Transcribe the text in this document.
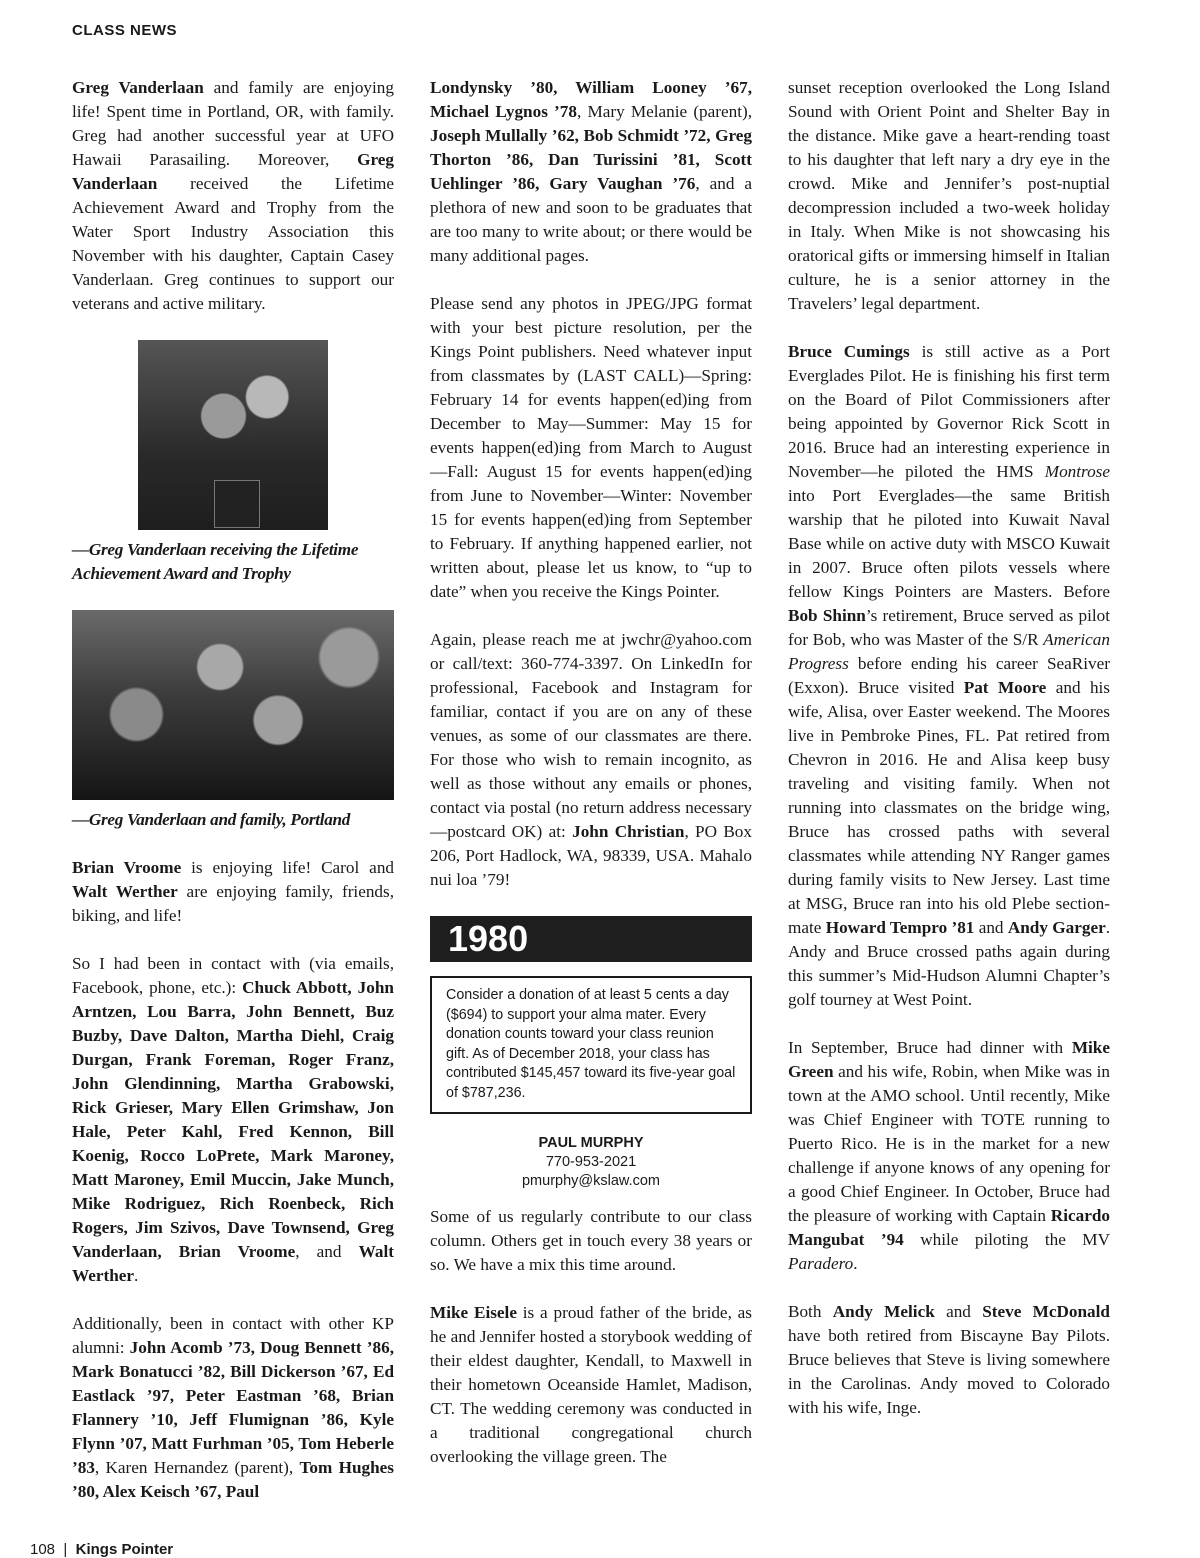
CLASS NEWS

Greg Vanderlaan and family are enjoying life! Spent time in Portland, OR, with family. Greg had another successful year at UFO Hawaii Parasailing. Moreover, Greg Vanderlaan received the Lifetime Achievement Award and Trophy from the Water Sport Industry Association this November with his daughter, Captain Casey Vanderlaan. Greg continues to support our veterans and active military.

—Greg Vanderlaan receiving the Lifetime Achievement Award and Trophy

—Greg Vanderlaan and family, Portland

Brian Vroome is enjoying life! Carol and Walt Werther are enjoying family, friends, biking, and life!

So I had been in contact with (via emails, Facebook, phone, etc.): Chuck Abbott, John Arntzen, Lou Barra, John Bennett, Buz Buzby, Dave Dalton, Martha Diehl, Craig Durgan, Frank Foreman, Roger Franz, John Glendinning, Martha Grabowski, Rick Grieser, Mary Ellen Grimshaw, Jon Hale, Peter Kahl, Fred Kennon, Bill Koenig, Rocco LoPrete, Mark Maroney, Matt Maroney, Emil Muccin, Jake Munch, Mike Rodriguez, Rich Roenbeck, Rich Rogers, Jim Szivos, Dave Townsend, Greg Vanderlaan, Brian Vroome, and Walt Werther.

Additionally, been in contact with other KP alumni: John Acomb ’73, Doug Bennett ’86, Mark Bonatucci ’82, Bill Dickerson ’67, Ed Eastlack ’97, Peter Eastman ’68, Brian Flannery ’10, Jeff Flumignan ’86, Kyle Flynn ’07, Matt Furhman ’05, Tom Heberle ’83, Karen Hernandez (parent), Tom Hughes ’80, Alex Keisch ’67, Paul

Londynsky ’80, William Looney ’67, Michael Lygnos ’78, Mary Melanie (parent), Joseph Mullally ’62, Bob Schmidt ’72, Greg Thorton ’86, Dan Turissini ’81, Scott Uehlinger ’86, Gary Vaughan ’76, and a plethora of new and soon to be graduates that are too many to write about; or there would be many additional pages.

Please send any photos in JPEG/JPG format with your best picture resolution, per the Kings Point publishers. Need whatever input from classmates by (LAST CALL)—Spring: February 14 for events happen(ed)ing from December to May—Summer: May 15 for events happen(ed)ing from March to August—Fall: August 15 for events happen(ed)ing from June to November—Winter: November 15 for events happen(ed)ing from September to February. If anything happened earlier, not written about, please let us know, to “up to date” when you receive the Kings Pointer.

Again, please reach me at jwchr@yahoo.com or call/text: 360-774-3397. On LinkedIn for professional, Facebook and Instagram for familiar, contact if you are on any of these venues, as some of our classmates are there. For those who wish to remain incognito, as well as those without any emails or phones, contact via postal (no return address necessary—postcard OK) at: John Christian, PO Box 206, Port Hadlock, WA, 98339, USA. Mahalo nui loa ’79!

1980
Consider a donation of at least 5 cents a day ($694) to support your alma mater. Every donation counts toward your class reunion gift. As of December 2018, your class has contributed $145,457 toward its five-year goal of $787,236.
PAUL MURPHY
770-953-2021
pmurphy@kslaw.com

Some of us regularly contribute to our class column. Others get in touch every 38 years or so. We have a mix this time around.

Mike Eisele is a proud father of the bride, as he and Jennifer hosted a storybook wedding of their eldest daughter, Kendall, to Maxwell in their hometown Oceanside Hamlet, Madison, CT. The wedding ceremony was conducted in a traditional congregational church overlooking the village green. The

sunset reception overlooked the Long Island Sound with Orient Point and Shelter Bay in the distance. Mike gave a heart-rending toast to his daughter that left nary a dry eye in the crowd. Mike and Jennifer’s post-nuptial decompression included a two-week holiday in Italy. When Mike is not showcasing his oratorical gifts or immersing himself in Italian culture, he is a senior attorney in the Travelers’ legal department.

Bruce Cumings is still active as a Port Everglades Pilot. He is finishing his first term on the Board of Pilot Commissioners after being appointed by Governor Rick Scott in 2016. Bruce had an interesting experience in November—he piloted the HMS Montrose into Port Everglades—the same British warship that he piloted into Kuwait Naval Base while on active duty with MSCO Kuwait in 2007. Bruce often pilots vessels where fellow Kings Pointers are Masters. Before Bob Shinn’s retirement, Bruce served as pilot for Bob, who was Master of the S/R American Progress before ending his career SeaRiver (Exxon). Bruce visited Pat Moore and his wife, Alisa, over Easter weekend. The Moores live in Pembroke Pines, FL. Pat retired from Chevron in 2016. He and Alisa keep busy traveling and visiting family. When not running into classmates on the bridge wing, Bruce has crossed paths with several classmates while attending NY Ranger games during family visits to New Jersey. Last time at MSG, Bruce ran into his old Plebe section-mate Howard Tempro ’81 and Andy Garger. Andy and Bruce crossed paths again during this summer’s Mid-Hudson Alumni Chapter’s golf tourney at West Point.

In September, Bruce had dinner with Mike Green and his wife, Robin, when Mike was in town at the AMO school. Until recently, Mike was Chief Engineer with TOTE running to Puerto Rico. He is in the market for a new challenge if anyone knows of any opening for a good Chief Engineer. In October, Bruce had the pleasure of working with Captain Ricardo Mangubat ’94 while piloting the MV Paradero.

Both Andy Melick and Steve McDonald have both retired from Biscayne Bay Pilots. Bruce believes that Steve is living somewhere in the Carolinas. Andy moved to Colorado with his wife, Inge.

108 | Kings Pointer
